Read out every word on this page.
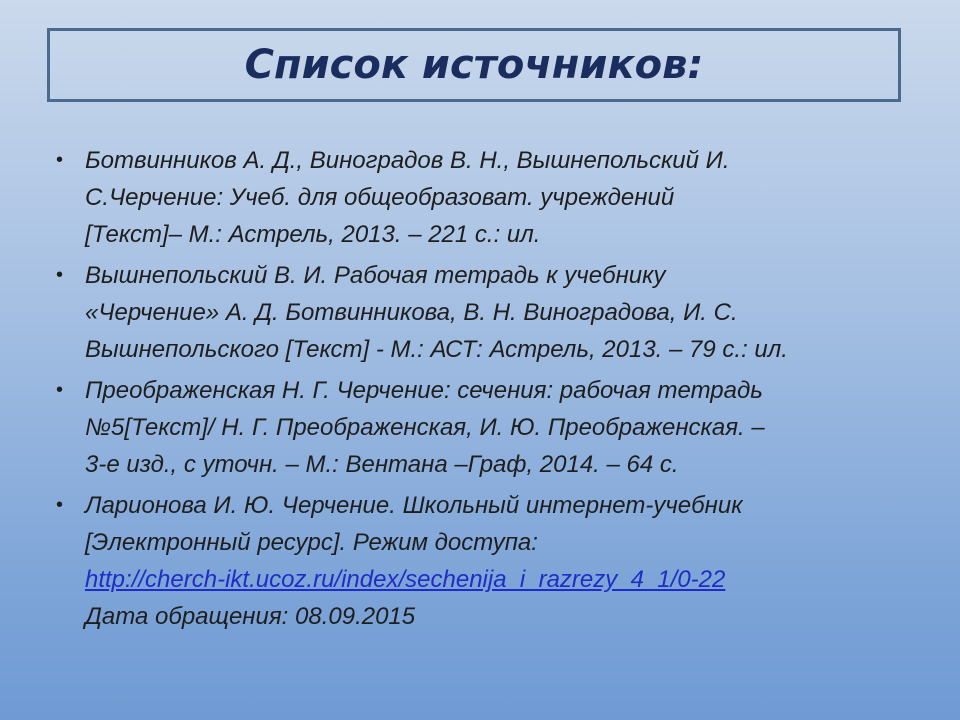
Список источников:
• Ботвинников А. Д., Виноградов В. Н., Вышнепольский И.
С.Черчение: Учеб. для общеобразоват. учреждений
[Текст]– М.: Астрель, 2013. – 221 с.: ил.
• Вышнепольский В. И. Рабочая тетрадь к учебнику
«Черчение» А. Д. Ботвинникова, В. Н. Виноградова, И. С.
Вышнепольского [Текст] - М.: АСТ: Астрель, 2013. – 79 с.: ил.
• Преображенская Н. Г. Черчение: сечения: рабочая тетрадь
№5[Текст]/ Н. Г. Преображенская, И. Ю. Преображенская. –
3-е изд., с уточн. – М.: Вентана –Граф, 2014. – 64 с.
• Ларионова И. Ю. Черчение. Школьный интернет-учебник
[Электронный ресурс]. Режим доступа:
http://cherch-ikt.ucoz.ru/index/sechenija_i_razrezy_4_1/0-22
Дата обращения: 08.09.2015
